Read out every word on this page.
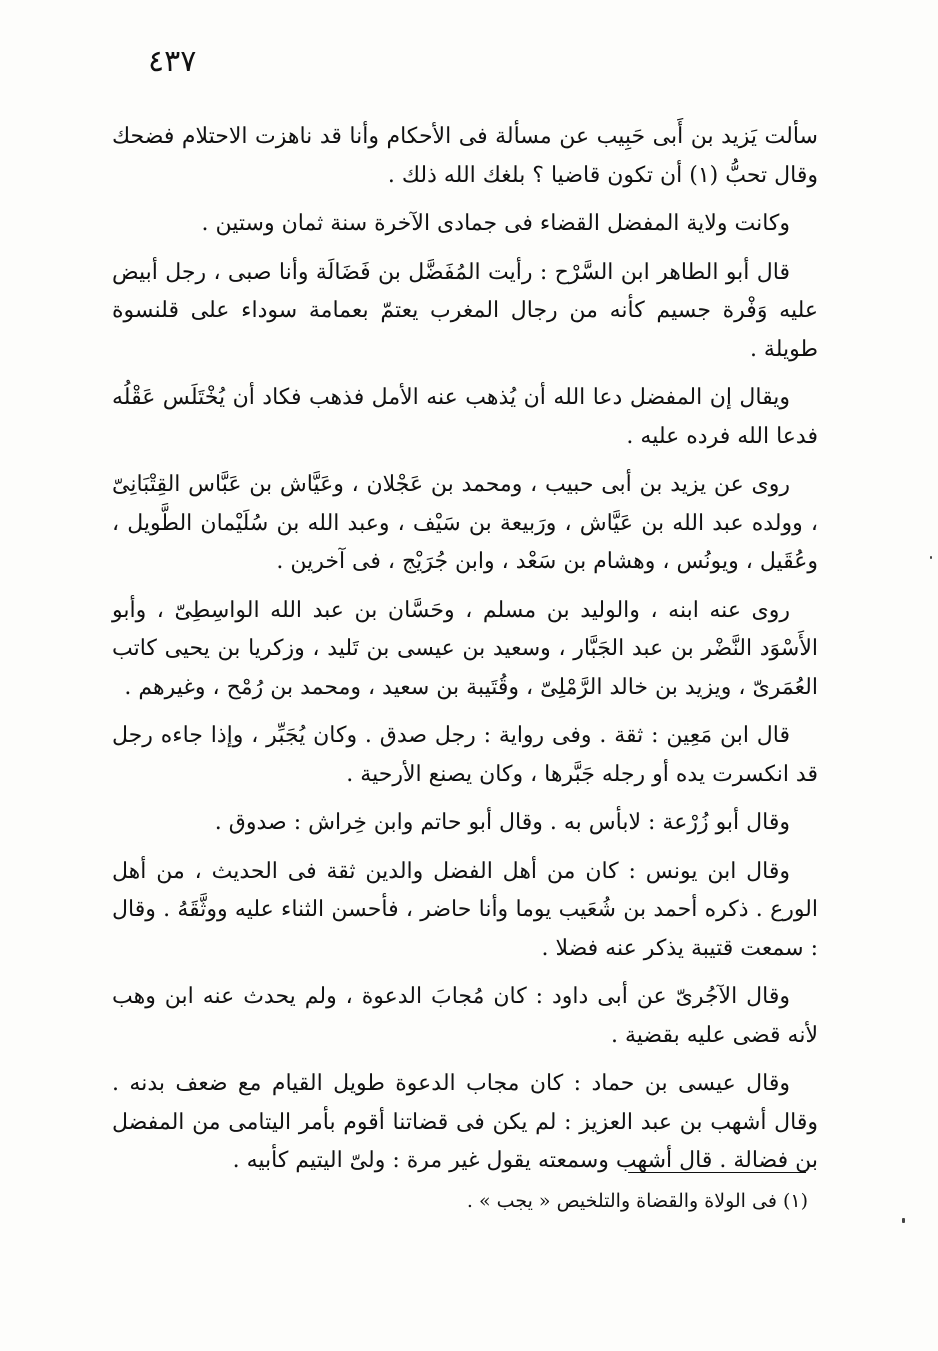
٤٣٧

سألت يَزيد بن أَبى حَبِيب عن مسألة فى الأحكام وأنا قد ناهزت الاحتلام فضحك وقال تحبُّ (١) أن تكون قاضيا ؟ بلغك الله ذلك .

وكانت ولاية المفضل القضاء فى جمادى الآخرة سنة ثمان وستين .

قال أبو الطاهر ابن السَّرْح : رأيت المُفَضَّل بن فَضَالَة وأنا صبى ، رجل أبيض عليه وَفْرة جسيم كأنه من رجال المغرب يعتمّ بعمامة سوداء على قلنسوة طويلة .

ويقال إن المفضل دعا الله أن يُذهب عنه الأمل فذهب فكاد أن يُخْتَلَس عَقْلُه فدعا الله فرده عليه .

روى عن يزيد بن أبى حبيب ، ومحمد بن عَجْلان ، وعَيَّاش بن عَبَّاس القِتْبَانِىّ ، وولده عبد الله بن عَيَّاش ، ورَبيعة بن سَيْف ، وعبد الله بن سُلَيْمان الطَّويل ، وعُقَيل ، ويونُس ، وهشام بن سَعْد ، وابن جُرَيْج ، فى آخرين .

روى عنه ابنه ، والوليد بن مسلم ، وحَسَّان بن عبد الله الواسِطِىّ ، وأبو الأَسْوَد النَّضْر بن عبد الجَبَّار ، وسعيد بن عيسى بن تَليد ، وزكريا بن يحيى كاتب العُمَرىّ ، ويزيد بن خالد الرَّمْلِىّ ، وقُتَيبة بن سعيد ، ومحمد بن رُمْح ، وغيرهم .

قال ابن مَعِين : ثقة . وفى رواية : رجل صدق . وكان يُجَبِّر ، وإذا جاءه رجل قد انكسرت يده أو رجله جَبَّرها ، وكان يصنع الأرحية .

وقال أبو زُرْعة : لابأس به . وقال أبو حاتم وابن خِراش : صدوق .

وقال ابن يونس : كان من أهل الفضل والدين ثقة فى الحديث ، من أهل الورع . ذكره أحمد بن شُعَيب يوما وأنا حاضر ، فأحسن الثناء عليه ووثَّقَهُ . وقال : سمعت قتيبة يذكر عنه فضلا .

وقال الآجُرىّ عن أبى داود : كان مُجابَ الدعوة ، ولم يحدث عنه ابن وهب لأنه قضى عليه بقضية .

وقال عيسى بن حماد : كان مجاب الدعوة طويل القيام مع ضعف بدنه . وقال أشهب بن عبد العزيز : لم يكن فى قضاتنا أقوم بأمر اليتامى من المفضل بن فضالة . قال أشهب وسمعته يقول غير مرة : ولىّ اليتيم كأبيه .

(١) فى الولاة والقضاة والتلخيص « يجب » .
